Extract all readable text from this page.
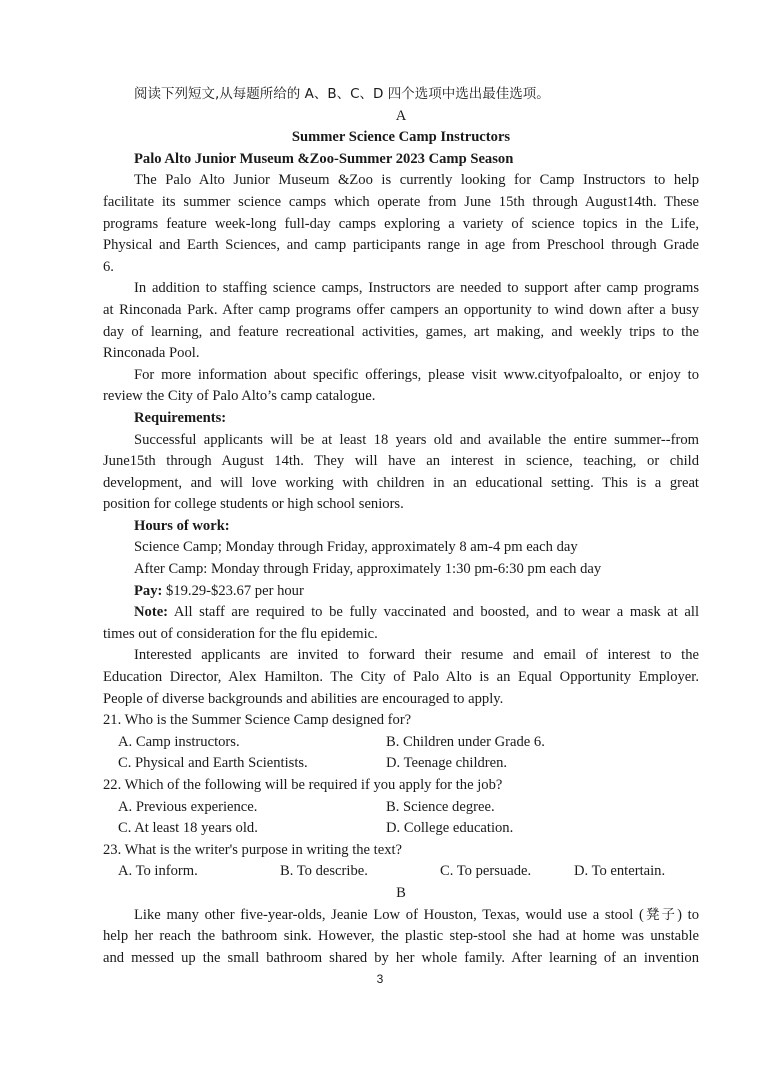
阅读下列短文,从每题所给的 A、B、C、D 四个选项中选出最佳选项。
A
Summer Science Camp Instructors
Palo Alto Junior Museum &Zoo-Summer 2023 Camp Season
The Palo Alto Junior Museum &Zoo is currently looking for Camp Instructors to help
facilitate its summer science camps which operate from June 15th through August14th. These
programs feature week-long full-day camps exploring a variety of science topics in the Life,
Physical and Earth Sciences, and camp participants range in age from Preschool through Grade
6.
In addition to staffing science camps, Instructors are needed to support after camp programs
at Rinconada Park. After camp programs offer campers an opportunity to wind down after a busy
day of learning, and feature recreational activities, games, art making, and weekly trips to the
Rinconada Pool.
For more information about specific offerings, please visit www.cityofpaloalto, or enjoy to
review the City of Palo Alto’s camp catalogue.
Requirements:
Successful applicants will be at least 18 years old and available the entire summer--from
June15th through August 14th. They will have an interest in science, teaching, or child
development, and will love working with children in an educational setting. This is a great
position for college students or high school seniors.
Hours of work:
Science Camp; Monday through Friday, approximately 8 am-4 pm each day
After Camp: Monday through Friday, approximately 1:30 pm-6:30 pm each day
Pay: $19.29-$23.67 per hour
Note: All staff are required to be fully vaccinated and boosted, and to wear a mask at all
times out of consideration for the flu epidemic.
Interested applicants are invited to forward their resume and email of interest to the
Education Director, Alex Hamilton. The City of Palo Alto is an Equal Opportunity Employer.
People of diverse backgrounds and abilities are encouraged to apply.
21. Who is the Summer Science Camp designed for?
A. Camp instructors.	B. Children under Grade 6.
C. Physical and Earth Scientists.	D. Teenage children.
22. Which of the following will be required if you apply for the job?
A. Previous experience.	B. Science degree.
C. At least 18 years old.	D. College education.
23. What is the writer's purpose in writing the text?
A. To inform.	B. To describe.	C. To persuade.	D. To entertain.
B
Like many other five-year-olds, Jeanie Low of Houston, Texas, would use a stool (凳子) to
help her reach the bathroom sink. However, the plastic step-stool she had at home was unstable
and messed up the small bathroom shared by her whole family. After learning of an invention
3
